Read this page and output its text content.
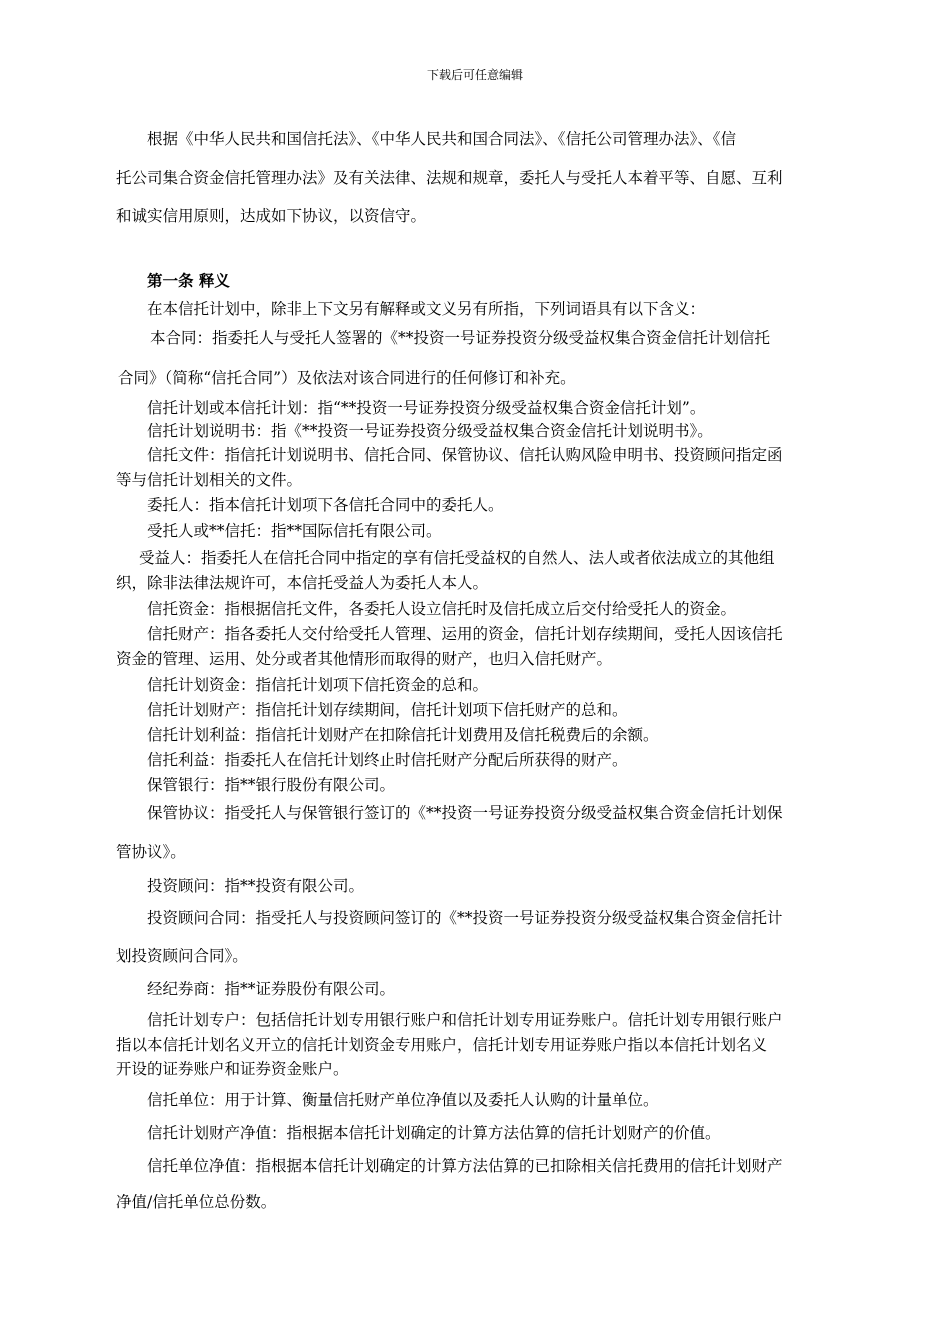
下载后可任意编辑

根据《中华人民共和国信托法》、《中华人民共和国合同法》、《信托公司管理办法》、《信

托公司集合资金信托管理办法》及有关法律、法规和规章，委托人与受托人本着平等、自愿、互利

和诚实信用原则，达成如下协议，以资信守。

第一条 释义

在本信托计划中，除非上下文另有解释或文义另有所指，下列词语具有以下含义：

本合同：指委托人与受托人签署的《**投资一号证券投资分级受益权集合资金信托计划信托

合同》（简称“信托合同”）及依法对该合同进行的任何修订和补充。

信托计划或本信托计划：指“**投资一号证券投资分级受益权集合资金信托计划”。

信托计划说明书：指《**投资一号证券投资分级受益权集合资金信托计划说明书》。

信托文件：指信托计划说明书、信托合同、保管协议、信托认购风险申明书、投资顾问指定函

等与信托计划相关的文件。

委托人：指本信托计划项下各信托合同中的委托人。

受托人或**信托：指**国际信托有限公司。

受益人：指委托人在信托合同中指定的享有信托受益权的自然人、法人或者依法成立的其他组

织，除非法律法规许可，本信托受益人为委托人本人。

信托资金：指根据信托文件，各委托人设立信托时及信托成立后交付给受托人的资金。

信托财产：指各委托人交付给受托人管理、运用的资金，信托计划存续期间，受托人因该信托

资金的管理、运用、处分或者其他情形而取得的财产，也归入信托财产。

信托计划资金：指信托计划项下信托资金的总和。

信托计划财产：指信托计划存续期间，信托计划项下信托财产的总和。

信托计划利益：指信托计划财产在扣除信托计划费用及信托税费后的余额。

信托利益：指委托人在信托计划终止时信托财产分配后所获得的财产。

保管银行：指**银行股份有限公司。

保管协议：指受托人与保管银行签订的《**投资一号证券投资分级受益权集合资金信托计划保

管协议》。

投资顾问：指**投资有限公司。

投资顾问合同：指受托人与投资顾问签订的《**投资一号证券投资分级受益权集合资金信托计

划投资顾问合同》。

经纪券商：指**证券股份有限公司。

信托计划专户：包括信托计划专用银行账户和信托计划专用证券账户。信托计划专用银行账户

指以本信托计划名义开立的信托计划资金专用账户，信托计划专用证券账户指以本信托计划名义

开设的证券账户和证券资金账户。

信托单位：用于计算、衡量信托财产单位净值以及委托人认购的计量单位。

信托计划财产净值：指根据本信托计划确定的计算方法估算的信托计划财产的价值。

信托单位净值：指根据本信托计划确定的计算方法估算的已扣除相关信托费用的信托计划财产

净值/信托单位总份数。
